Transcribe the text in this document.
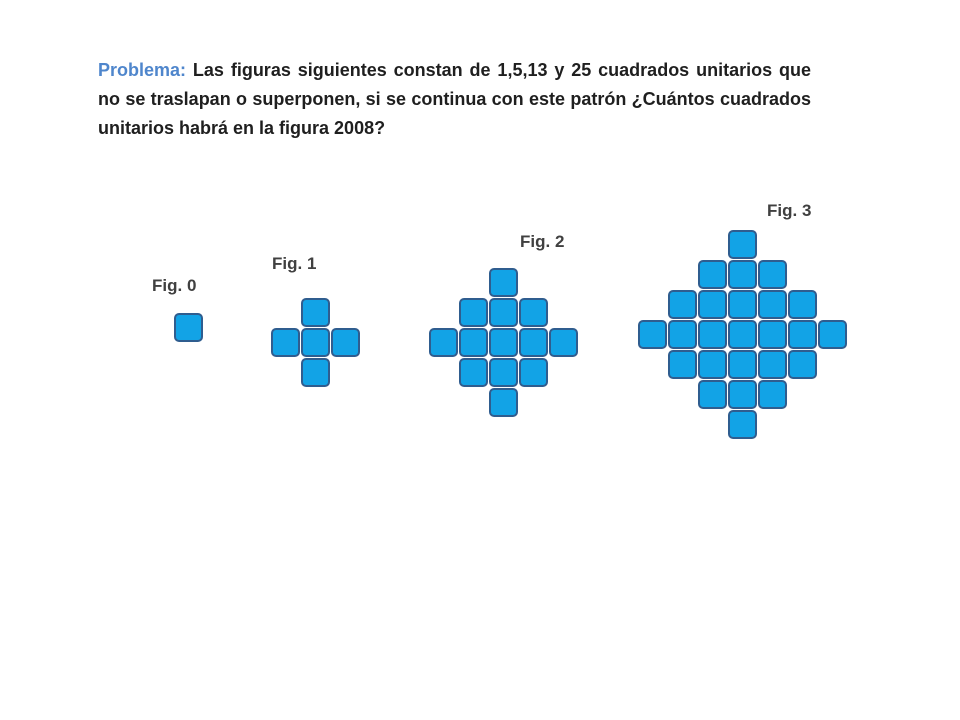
Problema: Las figuras siguientes constan de 1,5,13 y 25 cuadrados unitarios que no se traslapan o superponen, si se continua con este patrón ¿Cuántos cuadrados unitarios habrá en la figura 2008?

Fig. 0
Fig. 1
Fig. 2
Fig. 3
